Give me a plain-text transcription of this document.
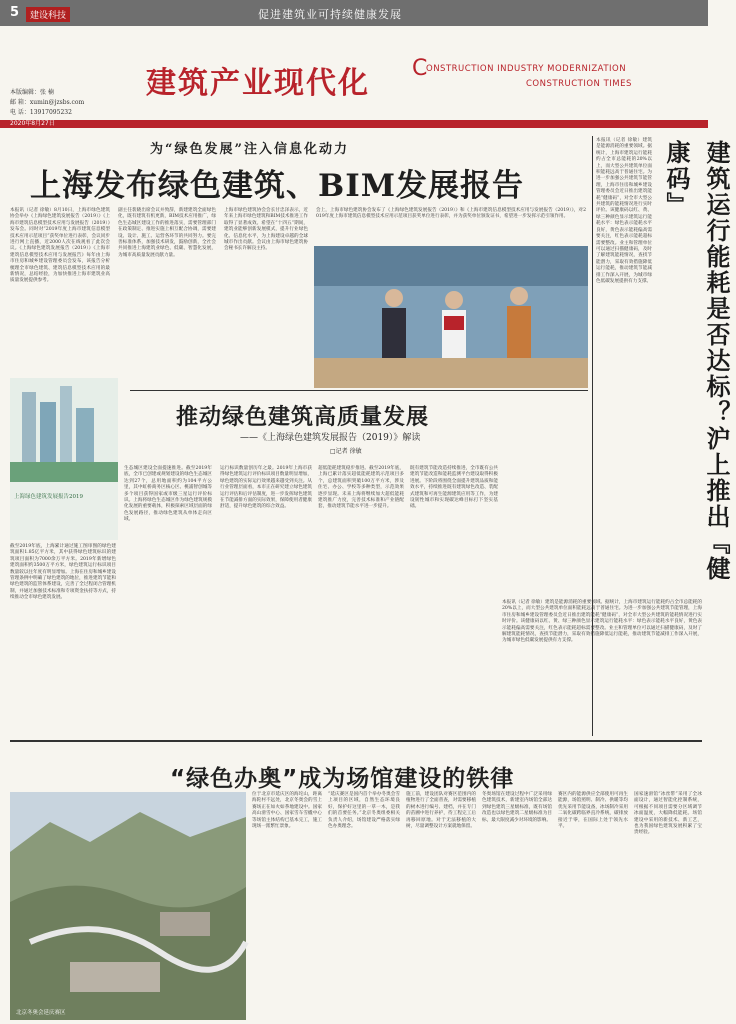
5	建设科技	促进建筑业可持续健康发展
建筑产业现代化 C
ONSTRUCTION INDUSTRY MODERNIZATION
CONSTRUCTION TIMES
本版编辑：张 楠
邮 箱：xumin@jzsbs.com
电 话：13917095232
2020年8月27日
为“绿色发展”注入信息化动力
上海发布绿色建筑、BIM发展报告
本报讯（记者 徐敏）8月10日，上海市绿色建筑协会举办《上海绿色建筑发展报告（2019）》《上海市建筑信息模型技术应用与发展报告（2019）》发布会。同时对“2019年度上海市建筑信息模型技术应用示范项目”获奖单位进行表彰，会议同步进行网上直播，近2000人次在线观看了此次会议。《上海绿色建筑发展报告（2019）》《上海市建筑信息模型技术应用与发展报告》每年由上海市住房和城乡建设管理委员会发布，该报告分析梳理全市绿色建筑、建筑信息模型技术应用的最新情况，总结经验，为加快推进上海市建筑业高质量发展提供参考。
副主任裴晓出席会议并致辞，新建建筑全面绿色化，既有建筑有机更新，BIM技术应用推广，绿色生态城区建设工作的推进落实，需要管理部门在政策制定、推进实施上相互配合协调，需要建设、设计、施工、运营各环节的共同努力。要完善标准体系，加强技术研发，鼓励创新，全社会共同推进上海建筑业绿色、低碳、智慧化发展，为城市高质量发展贡献力量。
上海市绿色建筑协会会长甘忠泽表示，近年来上海市绿色建筑和BIM技术推进工作取得了显著成效。希望在“十四五”期间，建筑业能够创新发展模式，提升行业绿色化、信息化水平，为上海建设卓越的全球城市作出贡献。会议由上海市绿色建筑协会秘书长许解良主持。
会上，上海市绿色建筑协会发布了《上海绿色建筑发展报告（2019）》和《上海市建筑信息模型技术应用与发展报告（2019）》，对2019年度上海市建筑信息模型技术应用示范项目获奖单位进行表彰，并为获奖单位颁发证书，希望进一步发挥示范引领作用。
上海绿色建筑发展报告2019
推动绿色建筑高质量发展
——《上海绿色建筑发展报告（2019）》解读
□记者 徐敏
截至2019年底，上海累计通过施工图审图的绿色建筑面积1.85亿平方米，其中获得绿色建筑标识的建筑项目面积为7000余万平方米。2019年新增绿色建筑面积约3500万平方米，绿色建筑运行标识项目数量较以往年度有明显增加。上海在住房和城乡建设管理条例中明确了绿色建筑的地位，推进建筑节能和绿色建筑的监管体系建设，完善了全过程闭合管理机制，并通过加强技术标准和专项资金扶持等方式，持续推动全市绿色建筑发展。
生态城区建设全面提速推进。截至2019年底，全市已创建或规划建设的绿色生态城区达到27个，总用地面积约为104平方公里，其中虹桥商务区核心区、桃浦智创城等多个项目获得国家或市级三星运行评价标识。上海将绿色生态城区作为绿色建筑规模化发展的重要载体，积极探索区域层面的绿色发展路径，推动绿色建筑从单体走向区域。
运行标识数量创历年之最。2019年上海市获得绿色建筑运行评价标识项目数量明显增加，绿色建筑的实际运行效果越来越受到关注。从行业管理层面看，本市正在研究建立绿色建筑运行评估和后评估制度，进一步发挥绿色建筑在节能减排方面的实际效果，保障使用者健康舒适，提升绿色建筑的综合效益。
超低能耗建筑稳步推进。截至2019年底，上海已累计落实超低能耗建筑示范项目多个，总建筑面积突破100万平方米，涉及住宅、办公、学校等多种类型，示范效果逐步显现。未来上海将继续加大超低能耗建筑推广力度，完善技术标准和产业链配套，推动建筑节能水平进一步提升。
既有建筑节能改造持续推进，全市既有公共建筑节能改造和能耗监测平台建设取得积极进展。下阶段将围绕全面提升建筑品质和能效水平，持续推进既有建筑绿色改造、装配式建筑和可再生能源建筑应用等工作，为建设韧性城市和实现碳达峰目标打下坚实基础。
本报讯（记者 徐敏）建筑是能源消耗的重要领域。据统计，上海市建筑运行能耗约占全市总能耗的20%以上，而大型公共建筑单位面积能耗远高于普通住宅。为进一步加强公共建筑节能管理，上海市住房和城乡建设管理委员会近日推出建筑能耗“健康码”，对全市大型公共建筑的能耗情况进行实时评价。该健康码以红、黄、绿三种颜色显示建筑运行能耗水平：绿色表示能耗水平良好，黄色表示能耗偏高需要关注，红色表示能耗超标需要整改。业主和管理单位可以通过扫描健康码，及时了解建筑能耗情况，查找节能潜力，采取有效措施降低运行能耗，推动建筑节能减排工作深入开展，为城市绿色低碳发展提供有力支撑。	建筑运行能耗是否达标？沪上推出『健康码』
本报讯（记者 徐敏）建筑是能源消耗的重要领域。据统计，上海市建筑运行能耗约占全市总能耗的20%以上，而大型公共建筑单位面积能耗远高于普通住宅。为进一步加强公共建筑节能管理，上海市住房和城乡建设管理委员会近日推出建筑能耗“健康码”，对全市大型公共建筑的能耗情况进行实时评价。该健康码以红、黄、绿三种颜色显示建筑运行能耗水平：绿色表示能耗水平良好，黄色表示能耗偏高需要关注，红色表示能耗超标需要整改。业主和管理单位可以通过扫描健康码，及时了解建筑能耗情况，查找节能潜力，采取有效措施降低运行能耗，推动建筑节能减排工作深入开展，为城市绿色低碳发展提供有力支撑。
“绿色办奥”成为场馆建设的铁律
北京冬奥会延庆赛区
位于北京市延庆区的海坨山，距离海陀村不远处，北京冬奥会的雪上赛场正在如火如荼地建设中。国家高山滑雪中心、国家雪车雪橇中心等场馆主体结构已基本完工，施工现场一派繁忙景象。
“延庆赛区是国内首个举办冬奥会雪上项目的区域，自然生态环境良好，保护好这里的一草一木，是我们的首要任务。”北京冬奥组委相关负责人介绍，场馆建设严格落实绿色办奥理念。
施工前，建设团队对赛区范围内的植物进行了全面普查，对需要移植的树木进行编号、建档，并在专门的苗圃中进行养护，待工程完工后再移回原地。对于无法移植的大树，尽量调整设计方案就地保留。
冬奥场馆在建设过程中广泛采用绿色建筑技术，新建室内场馆全部达到绿色建筑三星级标准，既有场馆改造也以绿色建筑二星级标准为目标，最大限度减少对环境的影响。
赛区内的能源供应全部使用可再生能源，场馆照明、制冷、供暖等均优先采用节能设备，冰场制冷采用二氧化碳跨临界直冷系统，碳排放接近于零，在国际上处于领先水平。
国家速滑馆“冰丝带”采用了全冰面设计，通过智能化控制系统，可根据不同项目需要分区域调节冰面温度，大幅降低能耗。场馆建设中采用的新技术、新工艺，也为我国绿色建筑发展积累了宝贵经验。
